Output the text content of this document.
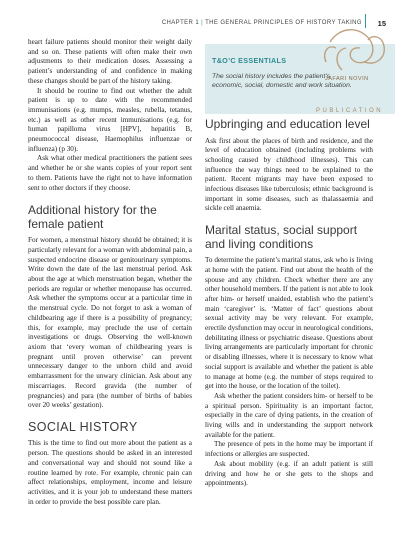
CHAPTER 1 | THE GENERAL PRINCIPLES OF HISTORY TAKING 15
T&O’C ESSENTIALS
The social history includes the patient’s economic, social, domestic and work situation.
JAFARI NOVIN
PUBLICATION

heart failure patients should monitor their weight daily and so on. These patients will often make their own adjustments to their medication doses. Assessing a patient’s understanding of and confidence in making these changes should be part of the history taking.

It should be routine to find out whether the adult patient is up to date with the recommended immunisations (e.g. mumps, measles, rubella, tetanus, etc.) as well as other recent immunisations (e.g. for human papilloma virus [HPV], hepatitis B, pneumococcal disease, Haemophilus influenzae or influenza) (p 30).

Ask what other medical practitioners the patient sees and whether he or she wants copies of your report sent to them. Patients have the right not to have information sent to other doctors if they choose.

Additional history for the female patient

For women, a menstrual history should be obtained; it is particularly relevant for a woman with abdominal pain, a suspected endocrine disease or genitourinary symptoms. Write down the date of the last menstrual period. Ask about the age at which menstruation began, whether the periods are regular or whether menopause has occurred. Ask whether the symptoms occur at a particular time in the menstrual cycle. Do not forget to ask a woman of childbearing age if there is a possibility of pregnancy; this, for example, may preclude the use of certain investigations or drugs. Observing the well-known axiom that ‘every woman of childbearing years is pregnant until proven otherwise’ can prevent unnecessary danger to the unborn child and avoid embarrassment for the unwary clinician. Ask about any miscarriages. Record gravida (the number of pregnancies) and para (the number of births of babies over 20 weeks’ gestation).

SOCIAL HISTORY

This is the time to find out more about the patient as a person. The questions should be asked in an interested and conversational way and should not sound like a routine learned by rote. For example, chronic pain can affect relationships, employment, income and leisure activities, and it is your job to understand these matters in order to provide the best possible care plan.

Upbringing and education level

Ask first about the places of birth and residence, and the level of education obtained (including problems with schooling caused by childhood illnesses). This can influence the way things need to be explained to the patient. Recent migrants may have been exposed to infectious diseases like tuberculosis; ethnic background is important in some diseases, such as thalassaemia and sickle cell anaemia.

Marital status, social support and living conditions

To determine the patient’s marital status, ask who is living at home with the patient. Find out about the health of the spouse and any children. Check whether there are any other household members. If the patient is not able to look after him- or herself unaided, establish who the patient’s main ‘caregiver’ is. ‘Matter of fact’ questions about sexual activity may be very relevant. For example, erectile dysfunction may occur in neurological conditions, debilitating illness or psychiatric disease. Questions about living arrangements are particularly important for chronic or disabling illnesses, where it is necessary to know what social support is available and whether the patient is able to manage at home (e.g. the number of steps required to get into the house, or the location of the toilet).

Ask whether the patient considers him- or herself to be a spiritual person. Spirituality is an important factor, especially in the care of dying patients, in the creation of living wills and in understanding the support network available for the patient.

The presence of pets in the home may be important if infections or allergies are suspected.

Ask about mobility (e.g. if an adult patient is still driving and how he or she gets to the shops and appointments).
